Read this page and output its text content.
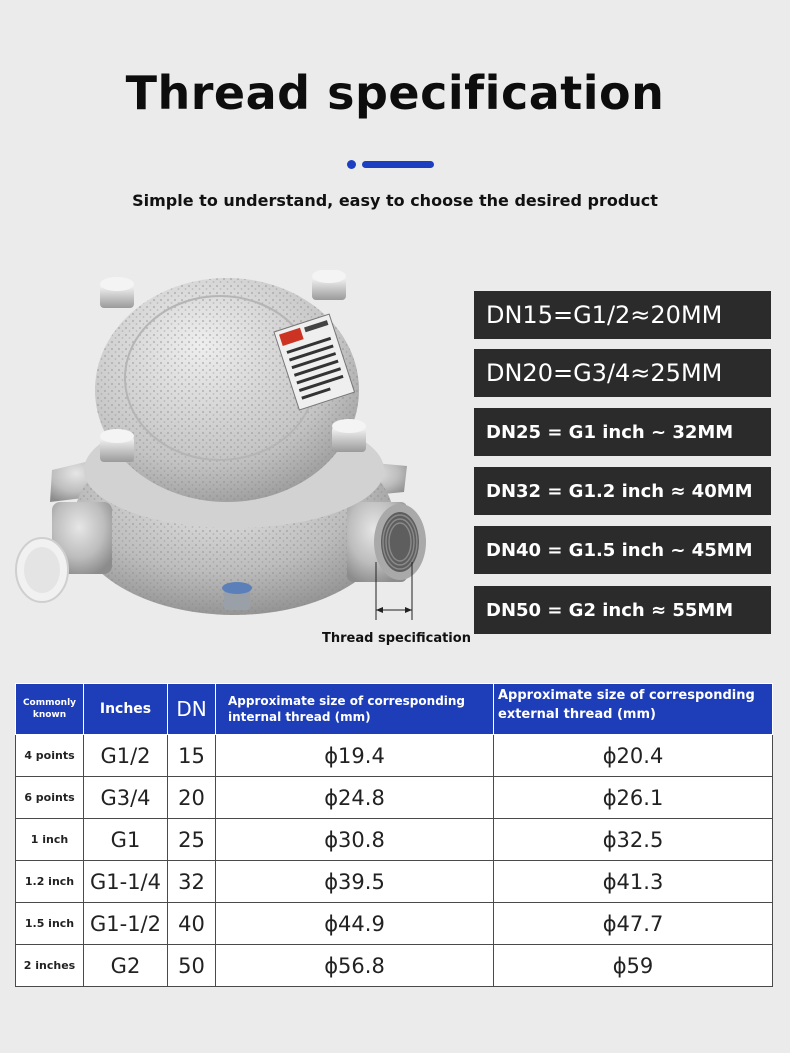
Thread specification
Simple to understand, easy to choose the desired product
Thread specification
DN15=G1/2≈20MM
DN20=G3/4≈25MM
DN25 = G1 inch ~ 32MM
DN32 = G1.2 inch ≈ 40MM
DN40 = G1.5 inch ~ 45MM
DN50 = G2 inch ≈ 55MM
Commonly known	Inches	DN	Approximate size of corresponding internal thread (mm)	Approximate size of corresponding external thread (mm)
4 points	G1/2	15	ϕ19.4	ϕ20.4
6 points	G3/4	20	ϕ24.8	ϕ26.1
1 inch	G1	25	ϕ30.8	ϕ32.5
1.2 inch	G1-1/4	32	ϕ39.5	ϕ41.3
1.5 inch	G1-1/2	40	ϕ44.9	ϕ47.7
2 inches	G2	50	ϕ56.8	ϕ59
